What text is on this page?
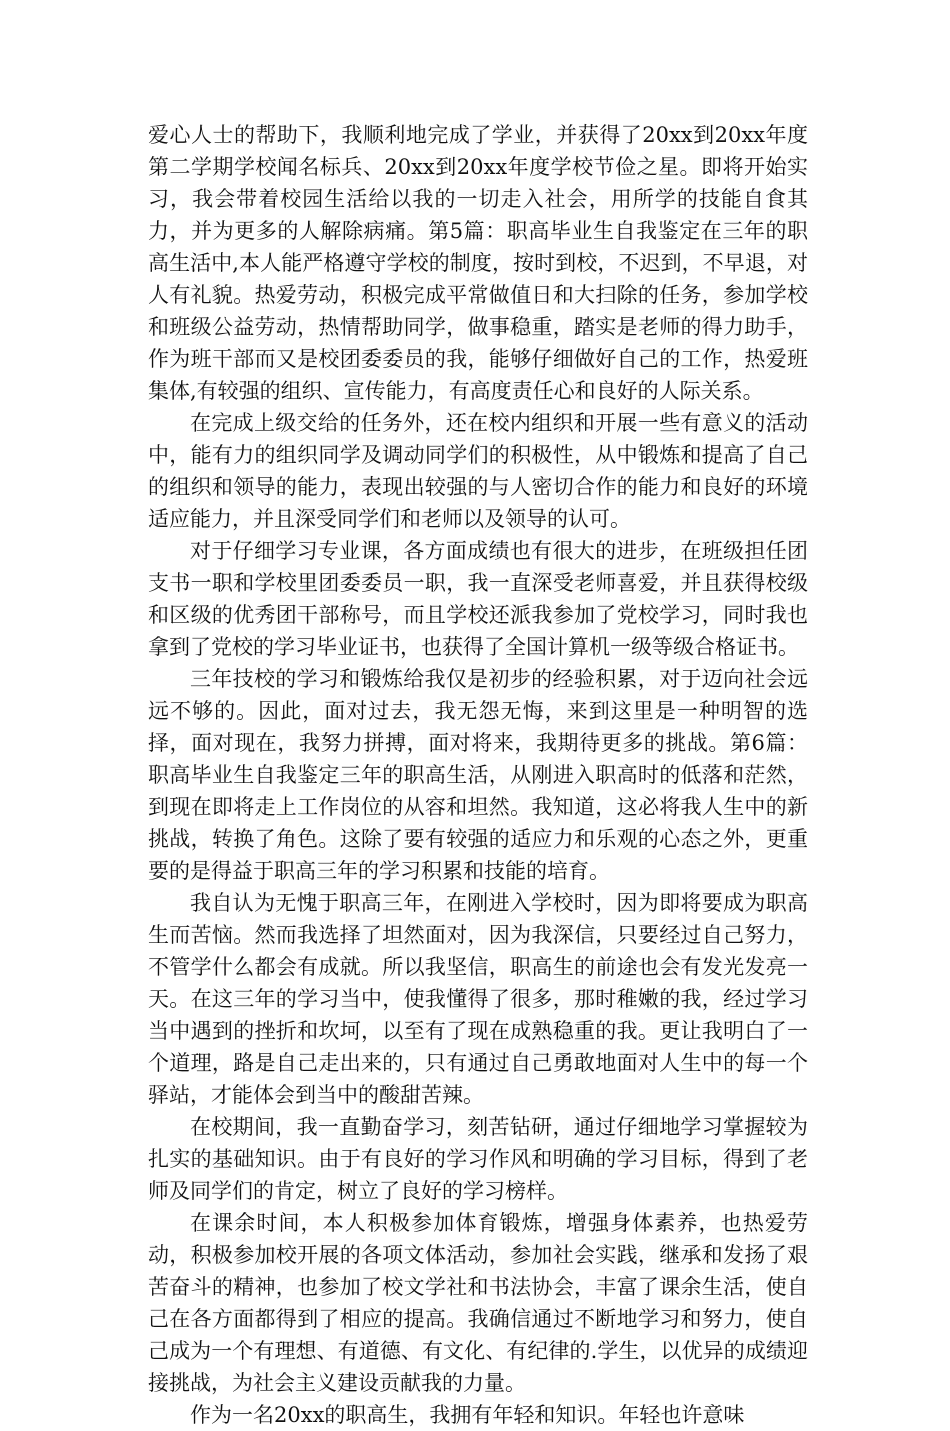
爱心人士的帮助下，我顺利地完成了学业，并获得了20xx到20xx年度第二学期学校闻名标兵、20xx到20xx年度学校节俭之星。即将开始实习，我会带着校园生活给以我的一切走入社会，用所学的技能自食其力，并为更多的人解除病痛。第5篇：职高毕业生自我鉴定在三年的职高生活中,本人能严格遵守学校的制度，按时到校，不迟到，不早退，对人有礼貌。热爱劳动，积极完成平常做值日和大扫除的任务，参加学校和班级公益劳动，热情帮助同学，做事稳重，踏实是老师的得力助手，作为班干部而又是校团委委员的我，能够仔细做好自己的工作，热爱班集体,有较强的组织、宣传能力，有高度责任心和良好的人际关系。

在完成上级交给的任务外，还在校内组织和开展一些有意义的活动中，能有力的组织同学及调动同学们的积极性，从中锻炼和提高了自己的组织和领导的能力，表现出较强的与人密切合作的能力和良好的环境适应能力，并且深受同学们和老师以及领导的认可。

对于仔细学习专业课，各方面成绩也有很大的进步，在班级担任团支书一职和学校里团委委员一职，我一直深受老师喜爱，并且获得校级和区级的优秀团干部称号，而且学校还派我参加了党校学习，同时我也拿到了党校的学习毕业证书，也获得了全国计算机一级等级合格证书。

三年技校的学习和锻炼给我仅是初步的经验积累，对于迈向社会远远不够的。因此，面对过去，我无怨无悔，来到这里是一种明智的选择，面对现在，我努力拼搏，面对将来，我期待更多的挑战。第6篇：职高毕业生自我鉴定三年的职高生活，从刚进入职高时的低落和茫然，到现在即将走上工作岗位的从容和坦然。我知道，这必将我人生中的新挑战，转换了角色。这除了要有较强的适应力和乐观的心态之外，更重要的是得益于职高三年的学习积累和技能的培育。

我自认为无愧于职高三年，在刚进入学校时，因为即将要成为职高生而苦恼。然而我选择了坦然面对，因为我深信，只要经过自己努力，不管学什么都会有成就。所以我坚信，职高生的前途也会有发光发亮一天。在这三年的学习当中，使我懂得了很多，那时稚嫩的我，经过学习当中遇到的挫折和坎坷，以至有了现在成熟稳重的我。更让我明白了一个道理，路是自己走出来的，只有通过自己勇敢地面对人生中的每一个驿站，才能体会到当中的酸甜苦辣。

在校期间，我一直勤奋学习，刻苦钻研，通过仔细地学习掌握较为扎实的基础知识。由于有良好的学习作风和明确的学习目标，得到了老师及同学们的肯定，树立了良好的学习榜样。

在课余时间，本人积极参加体育锻炼，增强身体素养，也热爱劳动，积极参加校开展的各项文体活动，参加社会实践，继承和发扬了艰苦奋斗的精神，也参加了校文学社和书法协会，丰富了课余生活，使自己在各方面都得到了相应的提高。我确信通过不断地学习和努力，使自己成为一个有理想、有道德、有文化、有纪律的.学生，以优异的成绩迎接挑战，为社会主义建设贡献我的力量。

作为一名20xx的职高生，我拥有年轻和知识。年轻也许意味
